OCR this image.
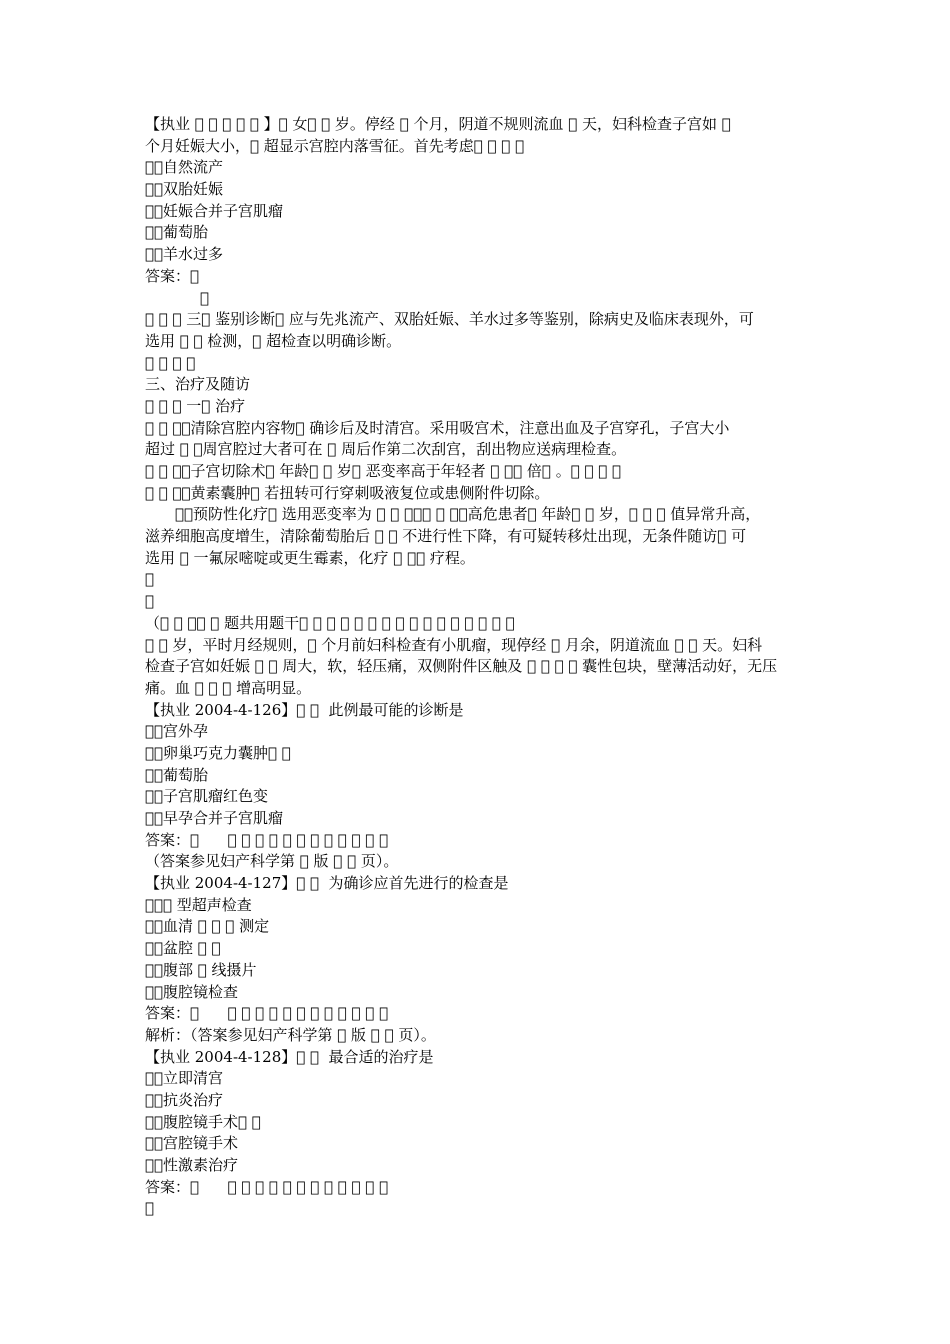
【执业 􀀁 􀀁 􀀁 􀀁 􀀁 】􀀁 女􀀁 􀀁 岁。停经 􀀁 个月，阴道不规则流血 􀀁 天，妇科检查子宫如 􀀁
个月妊娠大小，􀀁 超显示宫腔内落雪征。首先考虑􀀁 􀀁 􀀁 􀀁
􀀁．自然流产
􀀁．双胎妊娠
􀀁．妊娠合并子宫肌瘤
􀀁．葡萄胎
􀀁．羊水过多
答案：􀀁
􀀁
􀀁 􀀁 􀀁 三􀀁 鉴别诊断􀀁 应与先兆流产、双胎妊娠、羊水过多等鉴别，除病史及临床表现外，可
选用 􀀁 􀀁 检测，􀀁 超检查以明确诊断。
􀀁 􀀁 􀀁 􀀁
三、治疗及随访
􀀁 􀀁 􀀁 一􀀁 治疗
􀀁 􀀁 􀀁．清除宫腔内容物􀀁 确诊后及时清宫。采用吸宫术，注意出血及子宫穿孔，子宫大小
超过 􀀁 􀀁周宫腔过大者可在 􀀁 周后作第二次刮宫，刮出物应送病理检查。
􀀁 􀀁 􀀁．子宫切除术􀀁 年龄􀀁 􀀁 岁􀀁 恶变率高于年轻者 􀀁 ～􀀁 倍􀀁 。􀀁 􀀁 􀀁 􀀁
􀀁 􀀁 􀀁．黄素囊肿􀀁 若扭转可行穿刺吸液复位或患侧附件切除。
􀀁．预防性化疗􀀁 选用恶变率为 􀀁 􀀁 ％～􀀁 􀀁 ％，高危患者􀀁 年龄􀀁 􀀁 岁，􀀁 􀀁 􀀁 值异常升高，
滋养细胞高度增生，清除葡萄胎后 􀀁 􀀁 不进行性下降，有可疑转移灶出现，无条件随访􀀁 可
选用 􀀁 一氟尿嘧啶或更生霉素，化疗 􀀁 ～􀀁 疗程。
􀀁
􀀁
（􀀁 􀀁 ～􀀁 􀀁 题共用题干􀀁 􀀁 􀀁 􀀁 􀀁 􀀁 􀀁 􀀁 􀀁 􀀁 􀀁 􀀁 􀀁 􀀁 􀀁 􀀁
􀀁 􀀁 岁，平时月经规则，􀀁 个月前妇科检查有小肌瘤，现停经 􀀁 月余，阴道流血 􀀁 􀀁 天。妇科
检查子宫如妊娠 􀀁 􀀁 周大，软，轻压痛，双侧附件区触及 􀀁 􀀁 􀀁 􀀁 囊性包块，壁薄活动好，无压
痛。血 􀀁 􀀁 􀀁 增高明显。
【执业 2004-4-126】􀀁 􀀁  此例最可能的诊断是
􀀁．宫外孕
􀀁．卵巢巧克力囊肿􀀁 􀀁
􀀁．葡萄胎
􀀁．子宫肌瘤红色变
􀀁．早孕合并子宫肌瘤
答案：􀀁      􀀁 􀀁 􀀁 􀀁 􀀁 􀀁 􀀁 􀀁 􀀁 􀀁 􀀁 􀀁
（答案参见妇产科学第 􀀁 版 􀀁 􀀁 页）。
【执业 2004-4-127】􀀁 􀀁  为确诊应首先进行的检查是
􀀁．􀀁 型超声检查
􀀁．血清 􀀁 􀀁 􀀁 测定
􀀁．盆腔 􀀁 􀀁
􀀁．腹部 􀀁 线摄片
􀀁．腹腔镜检查
答案：􀀁      􀀁 􀀁 􀀁 􀀁 􀀁 􀀁 􀀁 􀀁 􀀁 􀀁 􀀁 􀀁
解析：（答案参见妇产科学第 􀀁 版 􀀁 􀀁 页）。
【执业 2004-4-128】􀀁 􀀁  最合适的治疗是
􀀁．立即清宫
􀀁．抗炎治疗
􀀁．腹腔镜手术􀀁 􀀁
􀀁．宫腔镜手术
􀀁．性激素治疗
答案：􀀁      􀀁 􀀁 􀀁 􀀁 􀀁 􀀁 􀀁 􀀁 􀀁 􀀁 􀀁 􀀁
􀀁
